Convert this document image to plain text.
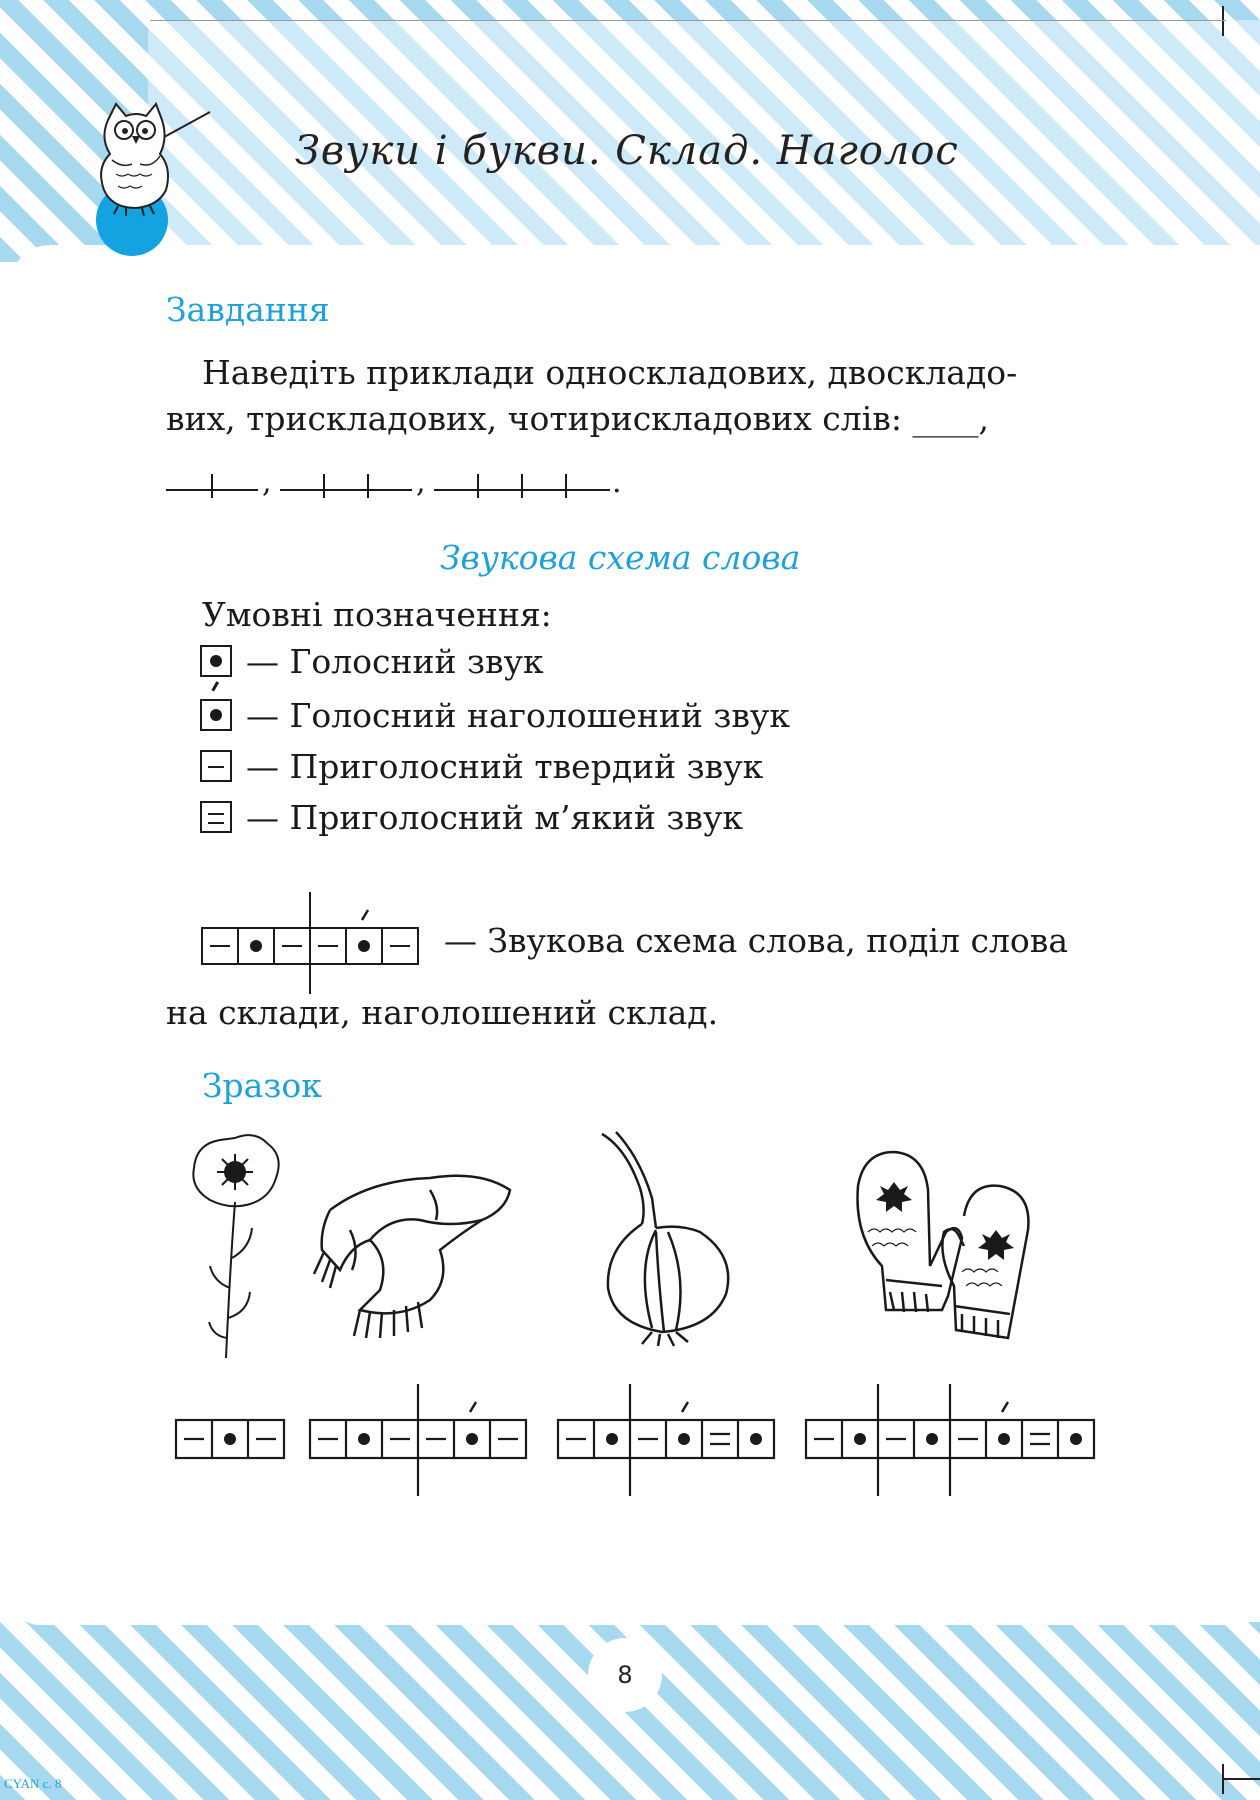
Звуки і букви. Склад. Наголос
Завдання
Наведіть приклади односкладових, двоскладо-
вих, трискладових, чотирискладових слів: ____,
,	,	.
Звукова схема слова
Умовні позначення:
— Голосний звук
— Голосний наголошений звук
— Приголосний твердий звук
— Приголосний м’який звук
— Звукова схема слова, поділ слова
на склади, наголошений склад.
Зразок
8
CYAN c. 8
